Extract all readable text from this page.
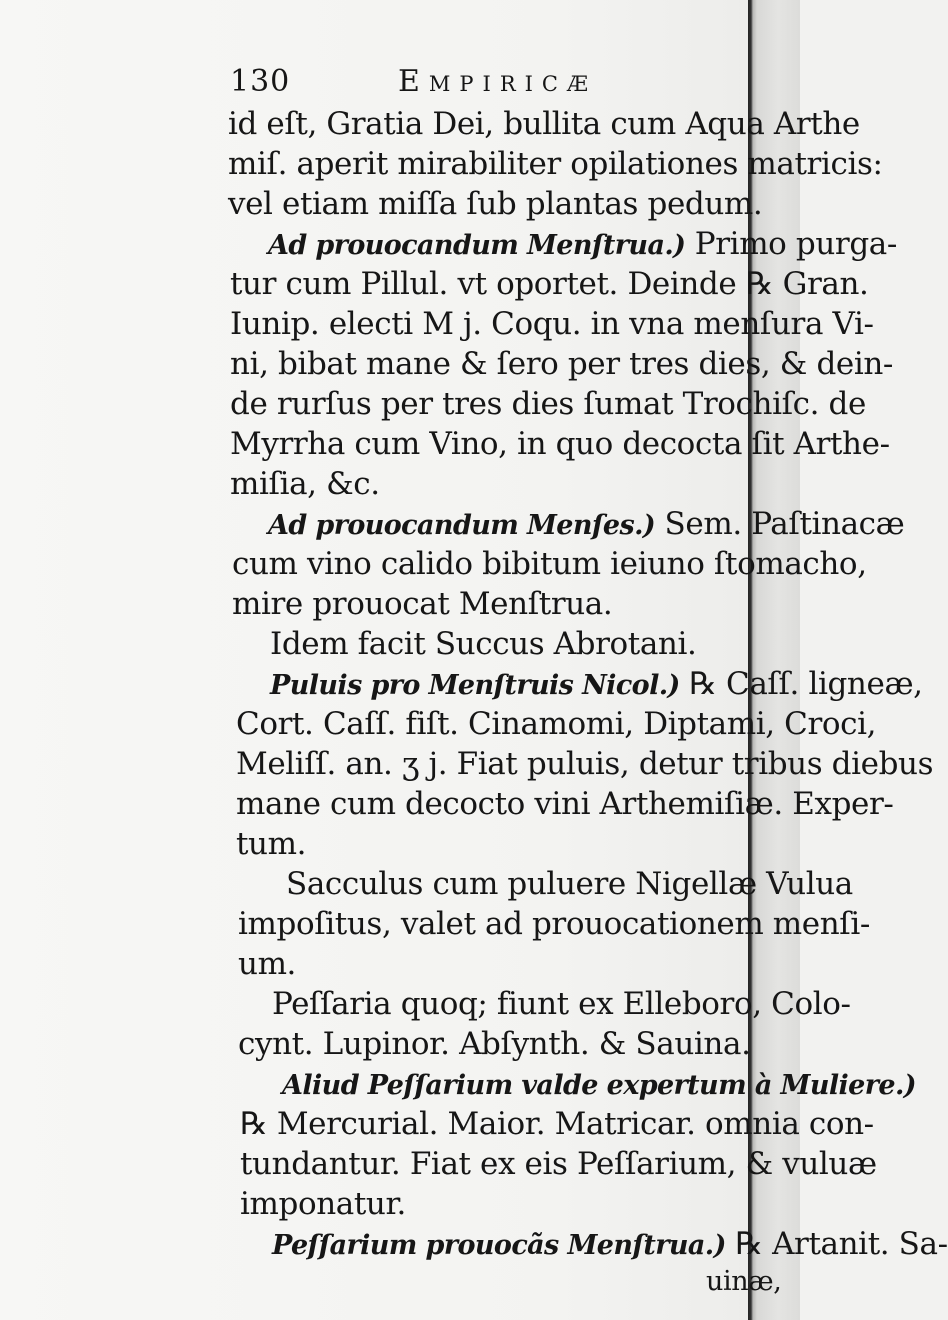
130	Empiricæ
id eſt, Gratia Dei, bullita cum Aqua Arthe
miſ. aperit mirabiliter opilationes matricis:
vel etiam miſſa ſub plantas pedum.
Ad prouocandum Menſtrua.) Primo purga-
tur cum Pillul. vt oportet. Deinde ℞ Gran.
Iunip. electi M j. Coqu. in vna menſura Vi-
ni, bibat mane & ſero per tres dies, & dein-
de rurſus per tres dies ſumat Trochiſc. de
Myrrha cum Vino, in quo decocta ſit Arthe-
miſia, &c.
Ad prouocandum Menſes.) Sem. Paſtinacæ
cum vino calido bibitum ieiuno ſtomacho,
mire prouocat Menſtrua.
Idem facit Succus Abrotani.
Puluis pro Menſtruis Nicol.) ℞ Caſſ. ligneæ,
Cort. Caſſ. fiſt. Cinamomi, Diptami, Croci,
Meliſſ. an. ʒ j. Fiat puluis, detur tribus diebus
mane cum decocto vini Arthemiſiæ. Exper-
tum.
Sacculus cum puluere Nigellæ Vulua
impoſitus, valet ad prouocationem menſi-
um.
Peſſaria quoq; fiunt ex Elleboro, Colo-
cynt. Lupinor. Abſynth. & Sauina.
Aliud Peſſarium valde expertum à Muliere.)
℞ Mercurial. Maior. Matricar. omnia con-
tundantur. Fiat ex eis Peſſarium, & vuluæ
imponatur.
Peſſarium prouocãs Menſtrua.) ℞ Artanit. Sa-
uinæ,
